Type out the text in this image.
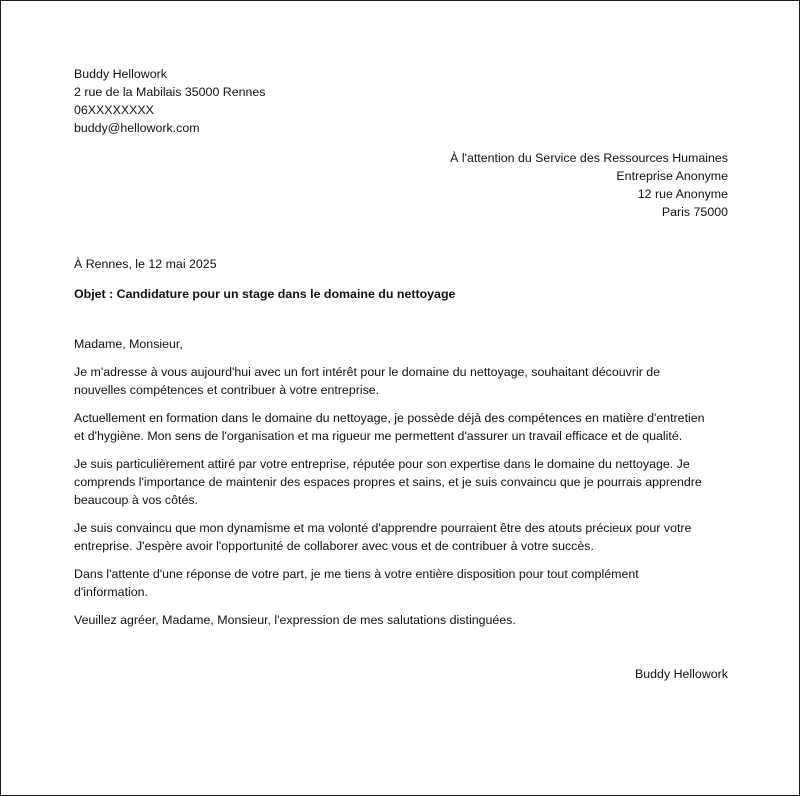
Buddy Hellowork
2 rue de la Mabilais 35000 Rennes
06XXXXXXXX
buddy@hellowork.com
À l'attention du Service des Ressources Humaines
Entreprise Anonyme
12 rue Anonyme
Paris 75000
À Rennes, le 12 mai 2025
Objet : Candidature pour un stage dans le domaine du nettoyage
Madame, Monsieur,

Je m'adresse à vous aujourd'hui avec un fort intérêt pour le domaine du nettoyage, souhaitant découvrir de
nouvelles compétences et contribuer à votre entreprise.

Actuellement en formation dans le domaine du nettoyage, je possède déjà des compétences en matière d'entretien
et d'hygiène. Mon sens de l'organisation et ma rigueur me permettent d'assurer un travail efficace et de qualité.

Je suis particulièrement attiré par votre entreprise, réputée pour son expertise dans le domaine du nettoyage. Je
comprends l'importance de maintenir des espaces propres et sains, et je suis convaincu que je pourrais apprendre
beaucoup à vos côtés.

Je suis convaincu que mon dynamisme et ma volonté d'apprendre pourraient être des atouts précieux pour votre
entreprise. J'espère avoir l'opportunité de collaborer avec vous et de contribuer à votre succès.

Dans l'attente d'une réponse de votre part, je me tiens à votre entière disposition pour tout complément
d'information.

Veuillez agréer, Madame, Monsieur, l'expression de mes salutations distinguées.

Buddy Hellowork
